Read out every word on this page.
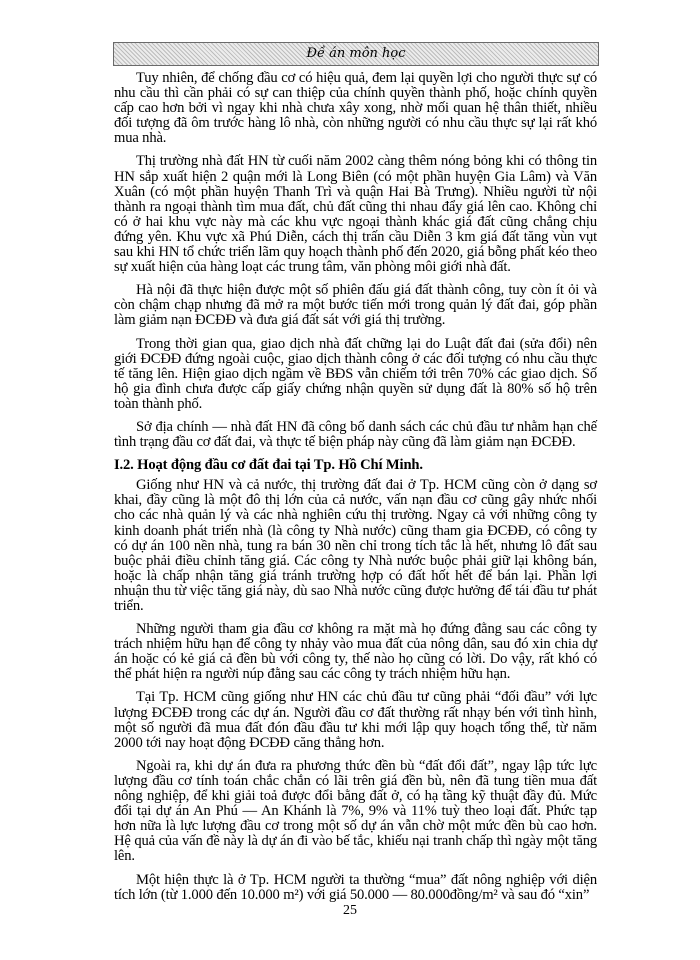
Đề án môn học

Tuy nhiên, để chống đầu cơ có hiệu quả, đem lại quyền lợi cho người thực sự có nhu cầu thì cần phải có sự can thiệp của chính quyền thành phố, hoặc chính quyền cấp cao hơn bởi vì ngay khi nhà chưa xây xong, nhờ mối quan hệ thân thiết, nhiều đối tượng đã ôm trước hàng lô nhà, còn những người có nhu cầu thực sự lại rất khó mua nhà.

Thị trường nhà đất HN từ cuối năm 2002 càng thêm nóng bỏng khi có thông tin HN sắp xuất hiện 2 quận mới là Long Biên (có một phần huyện Gia Lâm) và Văn Xuân (có một phần huyện Thanh Trì và quận Hai Bà Trưng). Nhiều người từ nội thành ra ngoại thành tìm mua đất, chủ đất cũng thi nhau đẩy giá lên cao. Không chỉ có ở hai khu vực này mà các khu vực ngoại thành khác giá đất cũng chẳng chịu đứng yên. Khu vực xã Phú Diễn, cách thị trấn cầu Diễn 3 km giá đất tăng vùn vụt sau khi HN tổ chức triển lãm quy hoạch thành phố đến 2020, giá bỗng phất kéo theo sự xuất hiện của hàng loạt các trung tâm, văn phòng môi giới nhà đất.

Hà nội đã thực hiện được một số phiên đấu giá đất thành công, tuy còn ít ỏi và còn chậm chạp nhưng đã mở ra một bước tiến mới trong quản lý đất đai, góp phần làm giảm nạn ĐCĐĐ và đưa giá đất sát với giá thị trường.

Trong thời gian qua, giao dịch nhà đất chững lại do Luật đất đai (sửa đổi) nên giới ĐCĐĐ đứng ngoài cuộc, giao dịch thành công ở các đối tượng có nhu cầu thực tế tăng lên. Hiện giao dịch ngầm về BĐS vẫn chiếm tới trên 70% các giao dịch. Số hộ gia đình chưa được cấp giấy chứng nhận quyền sử dụng đất là 80% số hộ trên toàn thành phố.

Sở địa chính — nhà đất HN đã công bố danh sách các chủ đầu tư nhằm hạn chế tình trạng đầu cơ đất đai, và thực tế biện pháp này cũng đã làm giảm nạn ĐCĐĐ.

I.2. Hoạt động đầu cơ đất đai tại Tp. Hồ Chí Minh.

Giống như HN và cả nước, thị trường đất đai ở Tp. HCM cũng còn ở dạng sơ khai, đầy cũng là một đô thị lớn của cả nước, vấn nạn đầu cơ cũng gây nhức nhối cho các nhà quản lý và các nhà nghiên cứu thị trường. Ngay cả với những công ty kinh doanh phát triển nhà (là công ty Nhà nước) cũng tham gia ĐCĐĐ, có công ty có dự án 100 nền nhà, tung ra bán 30 nền chỉ trong tích tắc là hết, nhưng lô đất sau buộc phải điều chỉnh tăng giá. Các công ty Nhà nước buộc phải giữ lại không bán, hoặc là chấp nhận tăng giá tránh trường hợp có đất hốt hết để bán lại. Phần lợi nhuận thu từ việc tăng giá này, dù sao Nhà nước cũng được hưởng để tái đầu tư phát triển.

Những người tham gia đầu cơ không ra mặt mà họ đứng đằng sau các công ty trách nhiệm hữu hạn để công ty nhảy vào mua đất của nông dân, sau đó xin chia dự án hoặc có kẻ giá cả đền bù với công ty, thế nào họ cũng có lời. Do vậy, rất khó có thể phát hiện ra người núp đằng sau các công ty trách nhiệm hữu hạn.

Tại Tp. HCM cũng giống như HN các chủ đầu tư cũng phải “đối đầu” với lực lượng ĐCĐĐ trong các dự án. Người đầu cơ đất thường rất nhạy bén với tình hình, một số người đã mua đất đón đầu đầu tư khi mới lập quy hoạch tổng thể, từ năm 2000 tới nay hoạt động ĐCĐĐ căng thẳng hơn.

Ngoài ra, khi dự án đưa ra phương thức đền bù “đất đổi đất”, ngay lập tức lực lượng đầu cơ tính toán chắc chắn có lãi trên giá đền bù, nên đã tung tiền mua đất nông nghiệp, để khi giải toả được đổi bằng đất ở, có hạ tầng kỹ thuật đầy đủ. Mức đổi tại dự án An Phú — An Khánh là 7%, 9% và 11% tuỳ theo loại đất. Phức tạp hơn nữa là lực lượng đầu cơ trong một số dự án vẫn chờ một mức đền bù cao hơn. Hệ quả của vấn đề này là dự án đi vào bế tắc, khiếu nại tranh chấp thì ngày một tăng lên.

Một hiện thực là ở Tp. HCM người ta thường “mua” đất nông nghiệp với diện tích lớn (từ 1.000 đến 10.000 m²) với giá 50.000 — 80.000đồng/m² và sau đó “xin”

25
